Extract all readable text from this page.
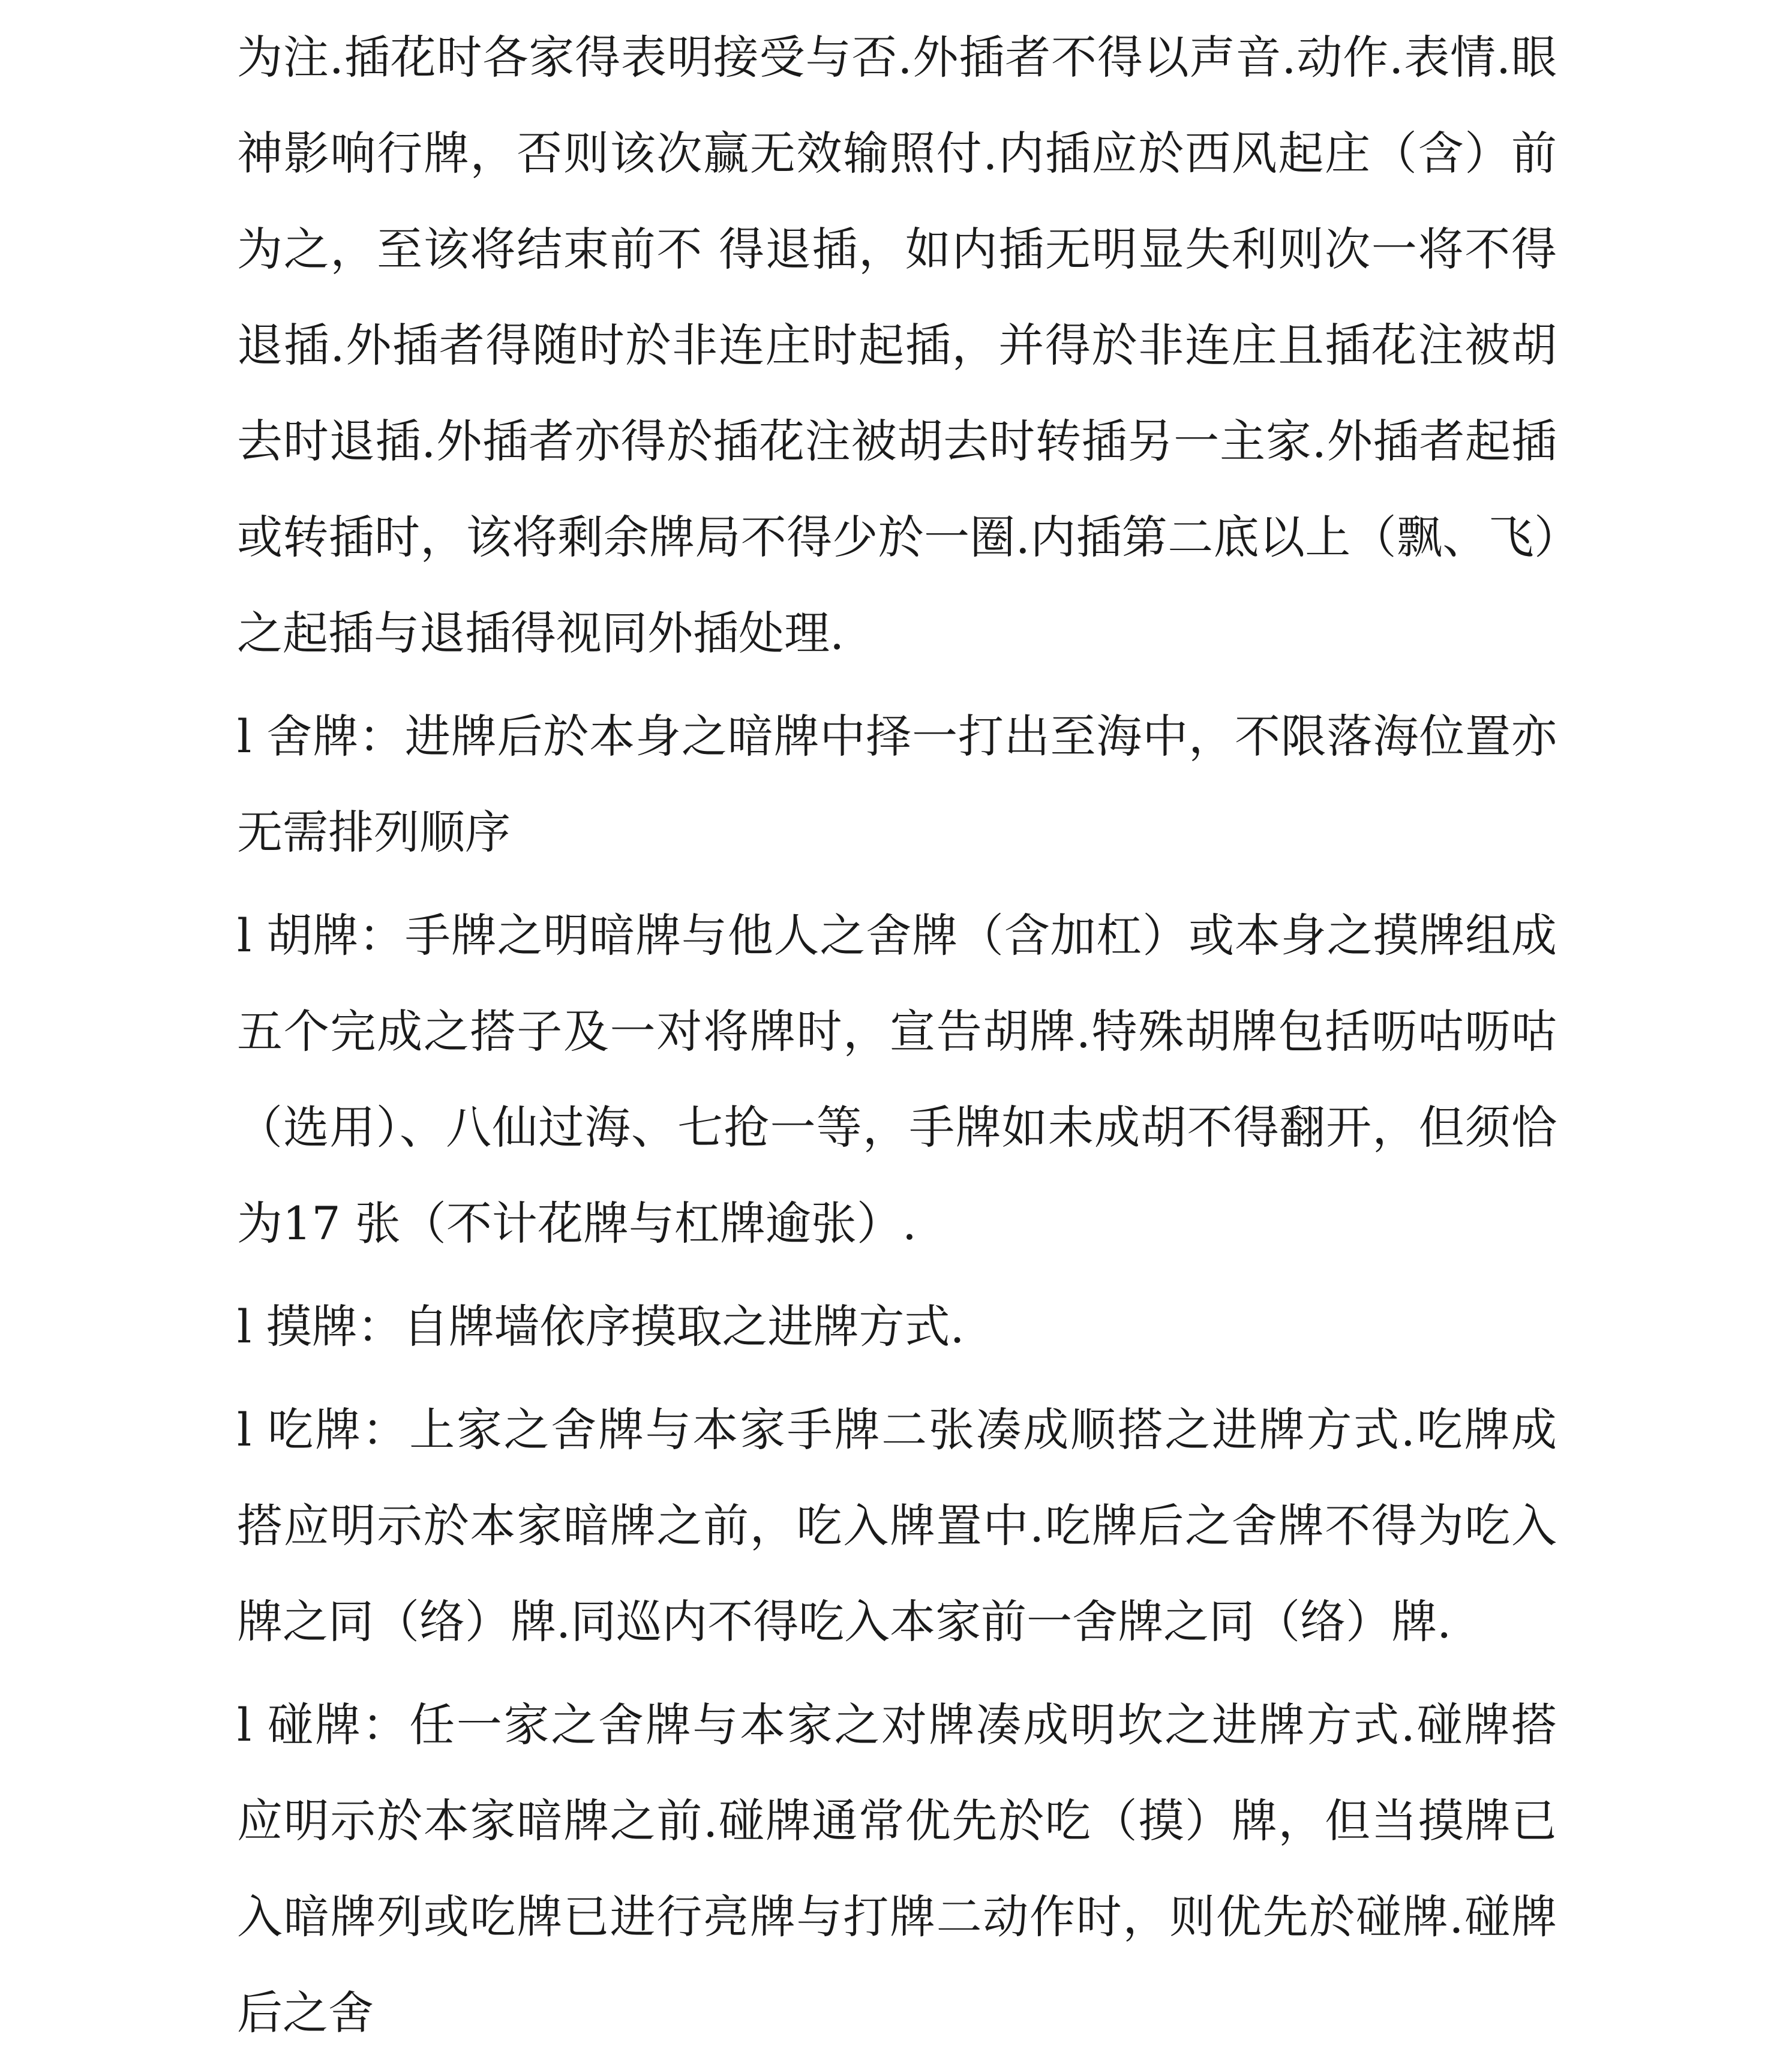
为注.插花时各家得表明接受与否.外插者不得以声音.动作.表情.眼神影响行牌，否则该次赢无效输照付.内插应於西风起庄（含）前为之，至该将结束前不 得退插，如内插无明显失利则次一将不得退插.外插者得随时於非连庄时起插，并得於非连庄且插花注被胡去时退插.外插者亦得於插花注被胡去时转插另一主家.外插者起插或转插时，该将剩余牌局不得少於一圈.内插第二底以上（飘、飞）之起插与退插得视同外插处理.

l 舍牌：进牌后於本身之暗牌中择一打出至海中，不限落海位置亦无需排列顺序

l 胡牌：手牌之明暗牌与他人之舍牌（含加杠）或本身之摸牌组成五个完成之搭子及一对将牌时，宣告胡牌.特殊胡牌包括呖咕呖咕（选用）、八仙过海、七抢一等，手牌如未成胡不得翻开，但须恰为17 张（不计花牌与杠牌逾张）.

l 摸牌：自牌墙依序摸取之进牌方式.

l 吃牌：上家之舍牌与本家手牌二张凑成顺搭之进牌方式.吃牌成搭应明示於本家暗牌之前，吃入牌置中.吃牌后之舍牌不得为吃入牌之同（络）牌.同巡内不得吃入本家前一舍牌之同（络）牌.

l 碰牌：任一家之舍牌与本家之对牌凑成明坎之进牌方式.碰牌搭应明示於本家暗牌之前.碰牌通常优先於吃（摸）牌，但当摸牌已入暗牌列或吃牌已进行亮牌与打牌二动作时，则优先於碰牌.碰牌后之舍
